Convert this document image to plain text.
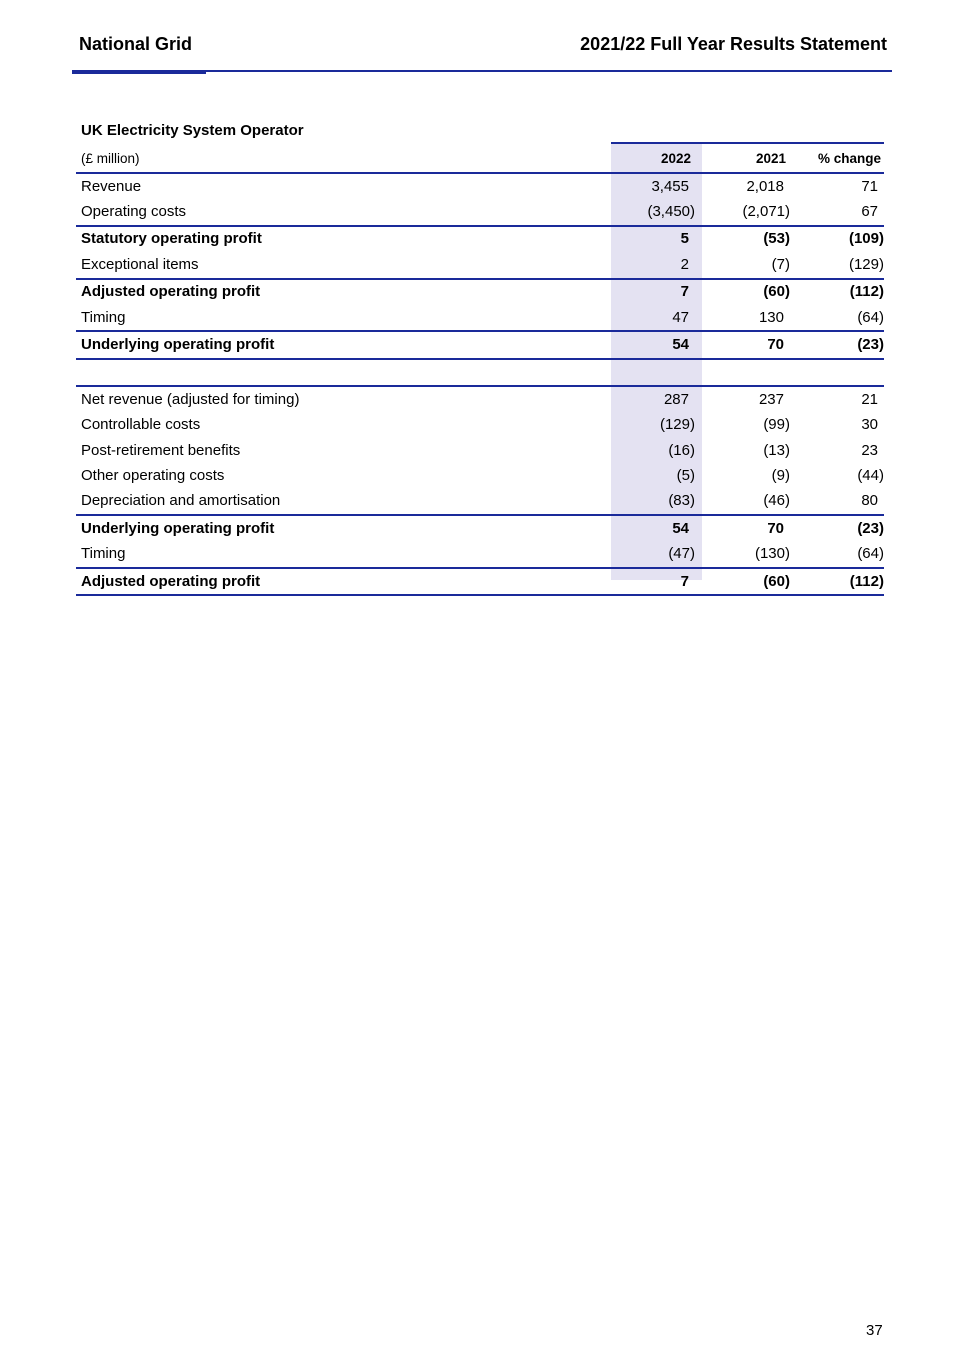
National Grid	2021/22 Full Year Results Statement
UK Electricity System Operator
(£ million)	2022	2021	% change
Revenue	3,455	2,018	71
Operating costs	(3,450)	(2,071)	67
Statutory operating profit	5	(53)	(109)
Exceptional items	2	(7)	(129)
Adjusted operating profit	7	(60)	(112)
Timing	47	130	(64)
Underlying operating profit	54	70	(23)

Net revenue (adjusted for timing)	287	237	21
Controllable costs	(129)	(99)	30
Post-retirement benefits	(16)	(13)	23
Other operating costs	(5)	(9)	(44)
Depreciation and amortisation	(83)	(46)	80
Underlying operating profit	54	70	(23)
Timing	(47)	(130)	(64)
Adjusted operating profit	7	(60)	(112)
37
